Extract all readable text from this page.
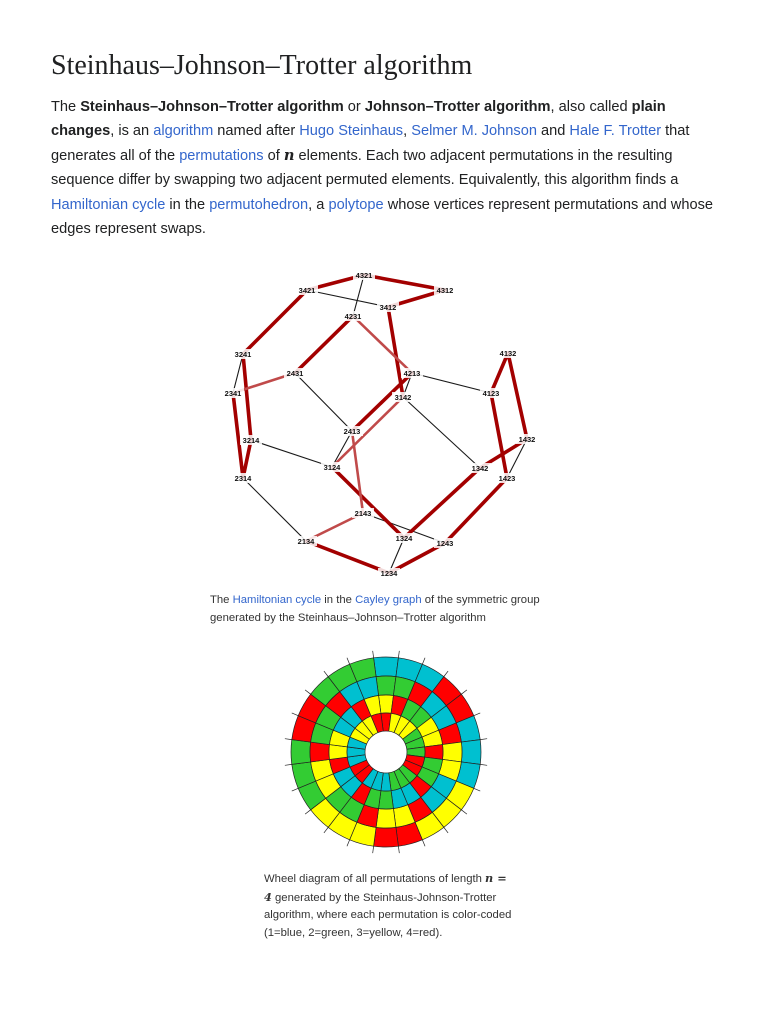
Steinhaus–Johnson–Trotter algorithm

The Steinhaus–Johnson–Trotter algorithm or Johnson–Trotter algorithm, also called plain changes, is an algorithm named after Hugo Steinhaus, Selmer M. Johnson and Hale F. Trotter that generates all of the permutations of n elements. Each two adjacent permutations in the resulting sequence differ by swapping two adjacent permuted elements. Equivalently, this algorithm finds a Hamiltonian cycle in the permutohedron, a polytope whose vertices represent permutations and whose edges represent swaps.

4321
3421	4312
3412
4231
3241	4132
2431	4213
2341	4123
3142
2413
3214	1432
3124	1342
2314	1423
2143
2134	1324
1243
1234
The Hamiltonian cycle in the Cayley graph of the symmetric group generated by the Steinhaus–Johnson–Trotter algorithm
Wheel diagram of all permutations of length n = 4 generated by the Steinhaus-Johnson-Trotter algorithm, where each permutation is color-coded (1=blue, 2=green, 3=yellow, 4=red).
